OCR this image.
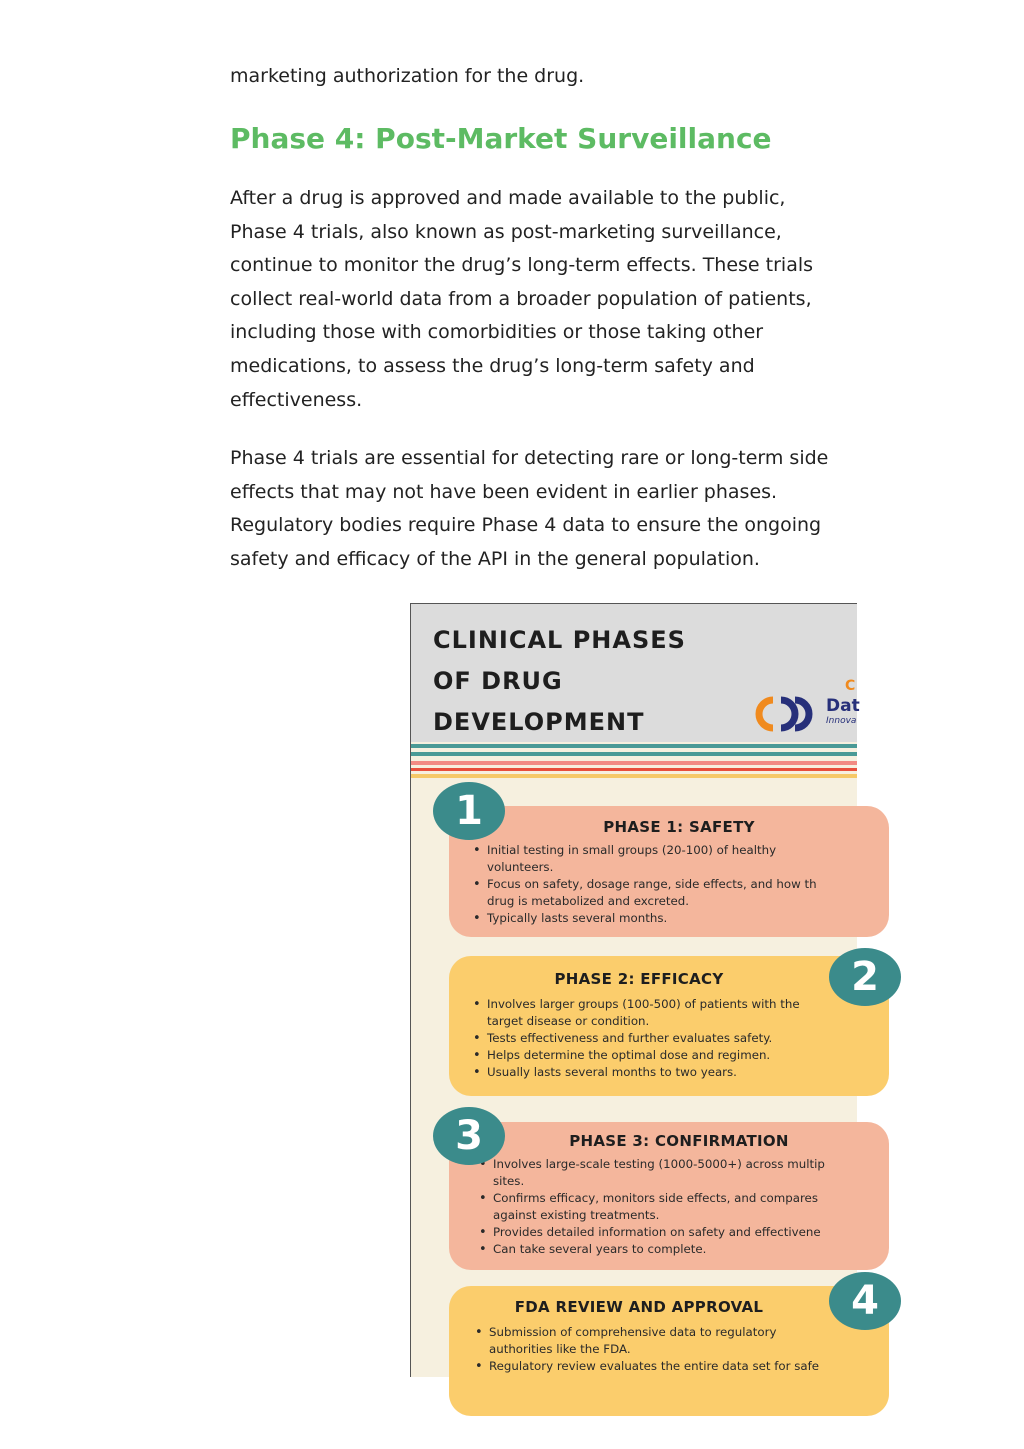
marketing authorization for the drug.

Phase 4: Post-Market Surveillance

After a drug is approved and made available to the public,
Phase 4 trials, also known as post-marketing surveillance,
continue to monitor the drug’s long-term effects. These trials
collect real-world data from a broader population of patients,
including those with comorbidities or those taking other
medications, to assess the drug’s long-term safety and
effectiveness.

Phase 4 trials are essential for detecting rare or long-term side
effects that may not have been evident in earlier phases.
Regulatory bodies require Phase 4 data to ensure the ongoing
safety and efficacy of the API in the general population.

CLINICAL PHASES
OF DRUG
DEVELOPMENT
C
Dat
Innova
PHASE 1: SAFETY
• Initial testing in small groups (20-100) of healthy
volunteers.
• Focus on safety, dosage range, side effects, and how th
drug is metabolized and excreted.
• Typically lasts several months.
1
PHASE 2: EFFICACY
• Involves larger groups (100-500) of patients with the
target disease or condition.
• Tests effectiveness and further evaluates safety.
• Helps determine the optimal dose and regimen.
• Usually lasts several months to two years.
2
PHASE 3: CONFIRMATION
• Involves large-scale testing (1000-5000+) across multip
sites.
• Confirms efficacy, monitors side effects, and compares
against existing treatments.
• Provides detailed information on safety and effectivene
• Can take several years to complete.
3
FDA REVIEW AND APPROVAL
• Submission of comprehensive data to regulatory
authorities like the FDA.
• Regulatory review evaluates the entire data set for safe
4
